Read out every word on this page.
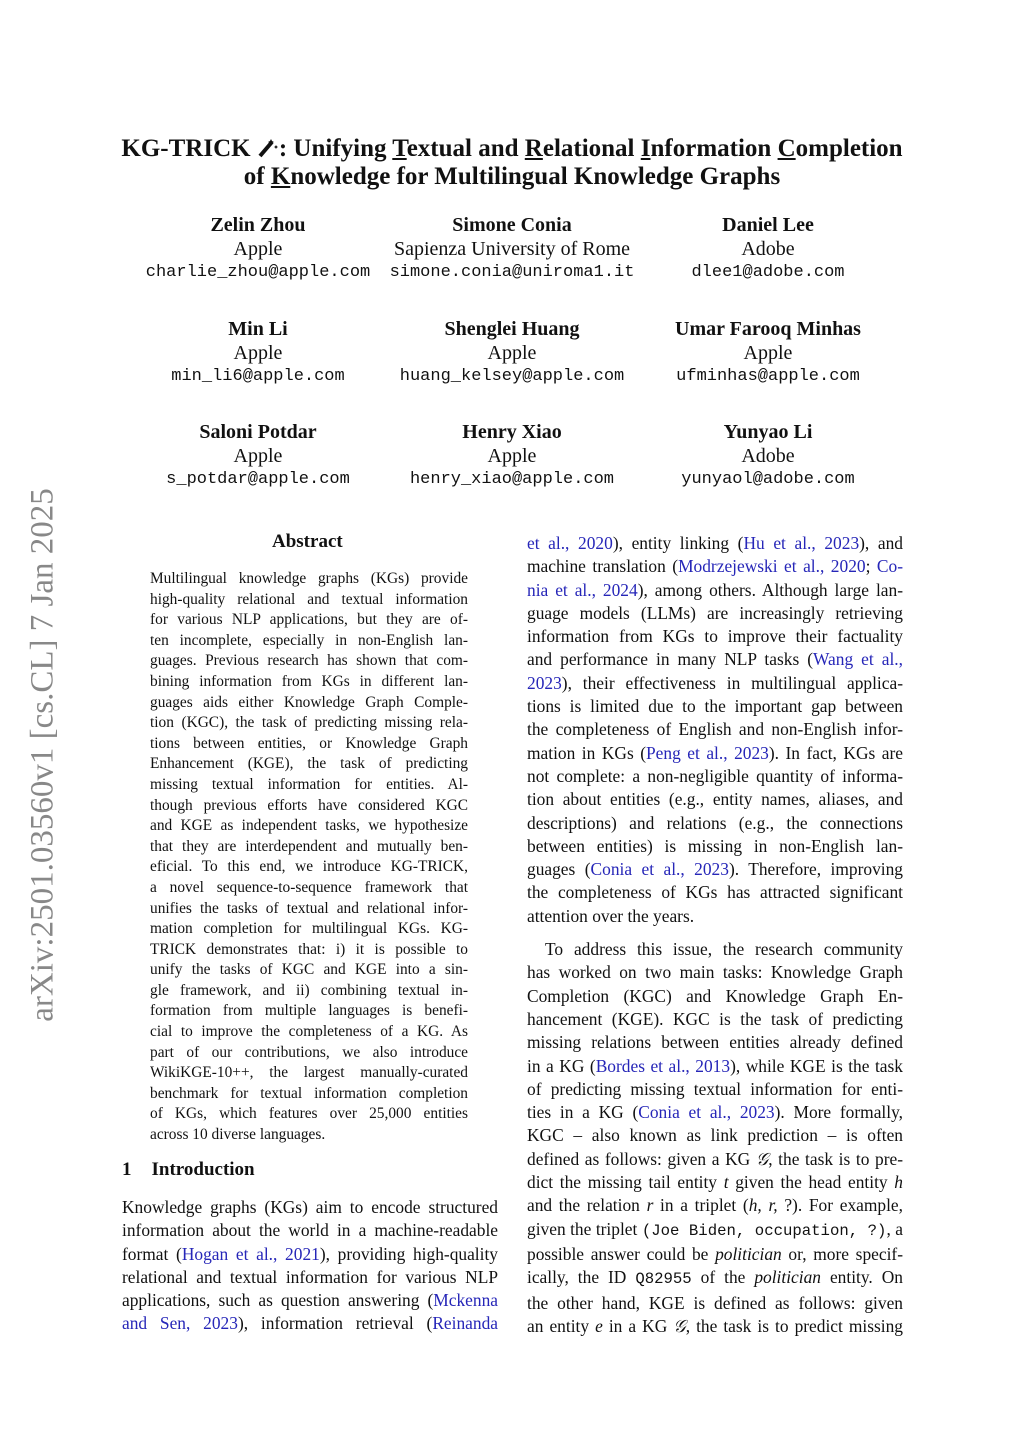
KG-TRICK : Unifying Textual and Relational Information Completion
of Knowledge for Multilingual Knowledge Graphs
Zelin Zhou
Apple
charlie_zhou@apple.com
Simone Conia
Sapienza University of Rome
simone.conia@uniroma1.it
Daniel Lee
Adobe
dlee1@adobe.com
Min Li
Apple
min_li6@apple.com
Shenglei Huang
Apple
huang_kelsey@apple.com
Umar Farooq Minhas
Apple
ufminhas@apple.com
Saloni Potdar
Apple
s_potdar@apple.com
Henry Xiao
Apple
henry_xiao@apple.com
Yunyao Li
Adobe
yunyaol@adobe.com
arXiv:2501.03560v1 [cs.CL] 7 Jan 2025	Abstract
Multilingual knowledge graphs (KGs) provide
high-quality relational and textual information
for various NLP applications, but they are of-
ten incomplete, especially in non-English lan-
guages. Previous research has shown that com-
bining information from KGs in different lan-
guages aids either Knowledge Graph Comple-
tion (KGC), the task of predicting missing rela-
tions between entities, or Knowledge Graph
Enhancement (KGE), the task of predicting
missing textual information for entities. Al-
though previous efforts have considered KGC
and KGE as independent tasks, we hypothesize
that they are interdependent and mutually ben-
eficial. To this end, we introduce KG-TRICK,
a novel sequence-to-sequence framework that
unifies the tasks of textual and relational infor-
mation completion for multilingual KGs. KG-
TRICK demonstrates that: i) it is possible to
unify the tasks of KGC and KGE into a sin-
gle framework, and ii) combining textual in-
formation from multiple languages is benefi-
cial to improve the completeness of a KG. As
part of our contributions, we also introduce
WikiKGE-10++, the largest manually-curated
benchmark for textual information completion
of KGs, which features over 25,000 entities
across 10 diverse languages.
1 Introduction
Knowledge graphs (KGs) aim to encode structured
information about the world in a machine-readable
format (Hogan et al., 2021), providing high-quality
relational and textual information for various NLP
applications, such as question answering (Mckenna
and Sen, 2023), information retrieval (Reinanda
et al., 2020), entity linking (Hu et al., 2023), and
machine translation (Modrzejewski et al., 2020; Co-
nia et al., 2024), among others. Although large lan-
guage models (LLMs) are increasingly retrieving
information from KGs to improve their factuality
and performance in many NLP tasks (Wang et al.,
2023), their effectiveness in multilingual applica-
tions is limited due to the important gap between
the completeness of English and non-English infor-
mation in KGs (Peng et al., 2023). In fact, KGs are
not complete: a non-negligible quantity of informa-
tion about entities (e.g., entity names, aliases, and
descriptions) and relations (e.g., the connections
between entities) is missing in non-English lan-
guages (Conia et al., 2023). Therefore, improving
the completeness of KGs has attracted significant
attention over the years.
To address this issue, the research community
has worked on two main tasks: Knowledge Graph
Completion (KGC) and Knowledge Graph En-
hancement (KGE). KGC is the task of predicting
missing relations between entities already defined
in a KG (Bordes et al., 2013), while KGE is the task
of predicting missing textual information for enti-
ties in a KG (Conia et al., 2023). More formally,
KGC – also known as link prediction – is often
defined as follows: given a KG 𝒢, the task is to pre-
dict the missing tail entity t given the head entity h
and the relation r in a triplet (h, r, ?). For example,
given the triplet (Joe Biden, occupation, ?), a
possible answer could be politician or, more specif-
ically, the ID Q82955 of the politician entity. On
the other hand, KGE is defined as follows: given
an entity e in a KG 𝒢, the task is to predict missing
